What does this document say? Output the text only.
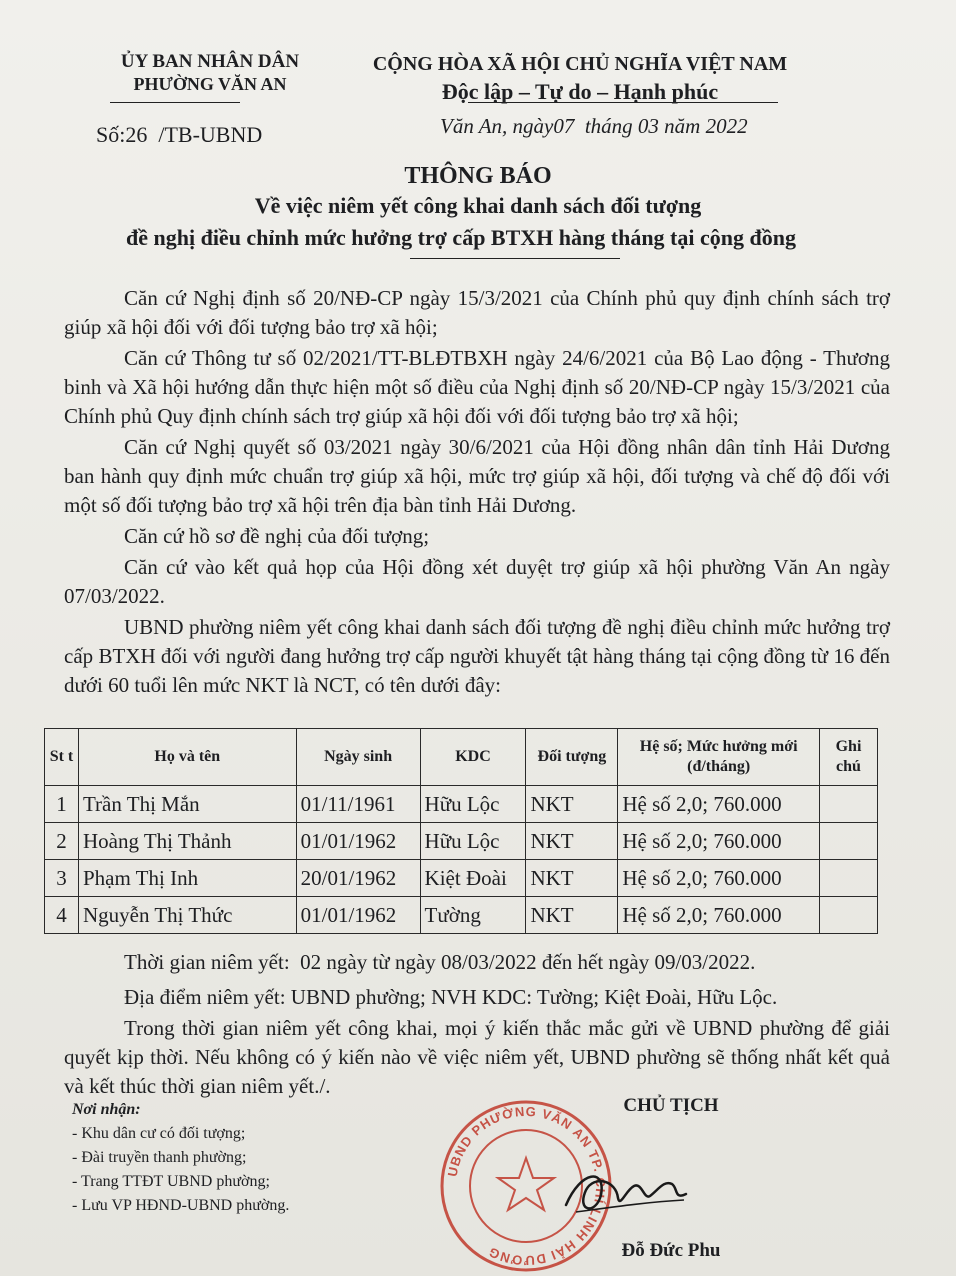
ỦY BAN NHÂN DÂN
PHƯỜNG VĂN AN
CỘNG HÒA XÃ HỘI CHỦ NGHĨA VIỆT NAM
Độc lập – Tự do – Hạnh phúc
Số:26  /TB-UBND	Văn An, ngày07  tháng 03 năm 2022
THÔNG BÁO
Về việc niêm yết công khai danh sách đối tượng
đề nghị điều chỉnh mức hưởng trợ cấp BTXH hàng tháng tại cộng đồng

Căn cứ Nghị định số 20/NĐ-CP ngày 15/3/2021 của Chính phủ quy định chính sách trợ giúp xã hội đối với đối tượng bảo trợ xã hội;

Căn cứ Thông tư số 02/2021/TT-BLĐTBXH ngày 24/6/2021 của Bộ Lao động - Thương binh và Xã hội hướng dẫn thực hiện một số điều của Nghị định số 20/NĐ-CP ngày 15/3/2021 của Chính phủ Quy định chính sách trợ giúp xã hội đối với đối tượng bảo trợ xã hội;

Căn cứ Nghị quyết số 03/2021 ngày 30/6/2021 của Hội đồng nhân dân tỉnh Hải Dương ban hành quy định mức chuẩn trợ giúp xã hội, mức trợ giúp xã hội, đối tượng và chế độ đối với một số đối tượng bảo trợ xã hội trên địa bàn tỉnh Hải Dương.

Căn cứ hồ sơ đề nghị của đối tượng;

Căn cứ vào kết quả họp của Hội đồng xét duyệt trợ giúp xã hội phường Văn An ngày 07/03/2022.

UBND phường niêm yết công khai danh sách đối tượng đề nghị điều chỉnh mức hưởng trợ cấp BTXH đối với người đang hưởng trợ cấp người khuyết tật hàng tháng tại cộng đồng từ 16 đến dưới 60 tuổi lên mức NKT là NCT, có tên dưới đây:

St t	Họ và tên	Ngày sinh	KDC	Đối tượng	Hệ số; Mức hưởng mới (đ/tháng)	Ghi chú
1	Trần Thị Mắn	01/11/1961	Hữu Lộc	NKT	Hệ số 2,0; 760.000	
2	Hoàng Thị Thảnh	01/01/1962	Hữu Lộc	NKT	Hệ số 2,0; 760.000	
3	Phạm Thị Inh	20/01/1962	Kiệt Đoài	NKT	Hệ số 2,0; 760.000	
4	Nguyễn Thị Thức	01/01/1962	Tường	NKT	Hệ số 2,0; 760.000	

Thời gian niêm yết:  02 ngày từ ngày 08/03/2022 đến hết ngày 09/03/2022.

Địa điểm niêm yết: UBND phường; NVH KDC: Tường; Kiệt Đoài, Hữu Lộc.

Trong thời gian niêm yết công khai, mọi ý kiến thắc mắc gửi về UBND phường để giải quyết kịp thời. Nếu không có ý kiến nào về việc niêm yết, UBND phường sẽ thống nhất kết quả và kết thúc thời gian niêm yết./.

Nơi nhận:
- Khu dân cư có đối tượng;
- Đài truyền thanh phường;
- Trang TTĐT UBND phường;
- Lưu VP HĐND-UBND phường.
UBND PHƯỜNG VĂN AN TP. CHÍ LINH HẢI DƯƠNG
CHỦ TỊCH
Đỗ Đức Phu
